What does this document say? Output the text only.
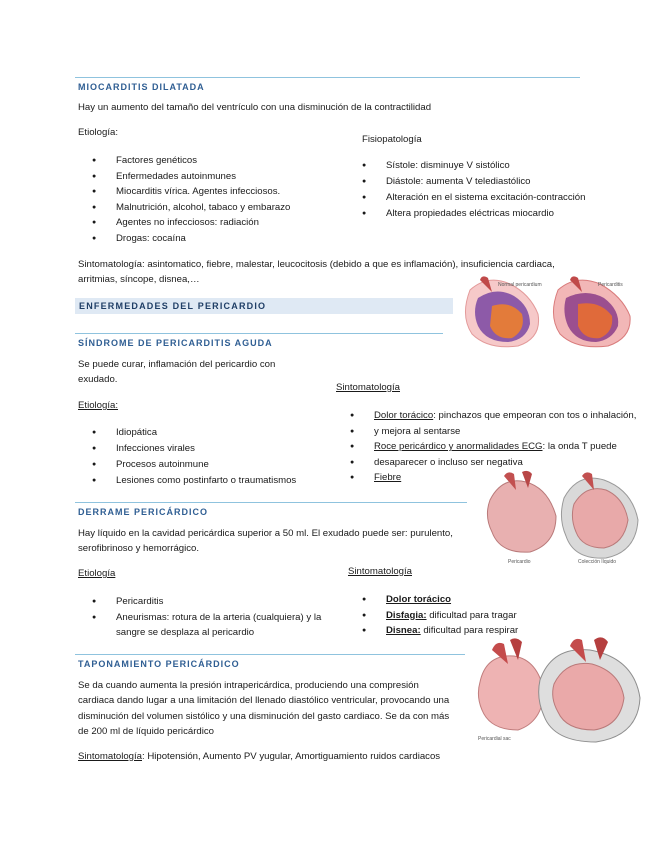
MIOCARDITIS DILATADA
Hay un aumento del tamaño del ventrículo con una disminución de la contractilidad
Etiología:
● Factores genéticos
● Enfermedades autoinmunes
● Miocarditis vírica. Agentes infecciosos.
● Malnutrición, alcohol, tabaco y embarazo
● Agentes no infecciosos: radiación
● Drogas: cocaína
Fisiopatología
● Sístole: disminuye V sistólico
● Diástole: aumenta V telediastólico
● Alteración en el sistema excitación-contracción
● Altera propiedades eléctricas miocardio
Sintomatología: asintomatico, fiebre, malestar, leucocitosis (debido a que es inflamación), insuficiencia cardiaca,
arritmias, síncope, disnea,…
ENFERMEDADES DEL PERICARDIO
Normal pericardium	Pericarditis
SÍNDROME DE PERICARDITIS AGUDA
Se puede curar, inflamación del pericardio con
exudado.
Etiología:
● Idiopática
● Infecciones virales
● Procesos autoinmune
● Lesiones como postinfarto o traumatismos
Sintomatología
● Dolor torácico: pinchazos que empeoran con tos o inhalación,
● y mejora al sentarse
● Roce pericárdico y anormalidades ECG: la onda T puede
● desaparecer o incluso ser negativa
● Fiebre
Pericardio	Colección líquido
DERRAME PERICÁRDICO
Hay líquido en la cavidad pericárdica superior a 50 ml. El exudado puede ser: purulento,
serofibrinoso y hemorrágico.
Etiología
● Pericarditis
● Aneurismas: rotura de la arteria (cualquiera) y la
sangre se desplaza al pericardio
Sintomatología
● Dolor torácico
● Disfagia: dificultad para tragar
● Disnea: dificultad para respirar
TAPONAMIENTO PERICÁRDICO
Se da cuando aumenta la presión intrapericárdica, produciendo una compresión
cardiaca dando lugar a una limitación del llenado diastólico ventricular, provocando una
disminución del volumen sistólico y una disminución del gasto cardiaco. Se da con más
de 200 ml de líquido pericárdico
Sintomatología: Hipotensión, Aumento PV yugular, Amortiguamiento ruidos cardiacos
Pericardial sac
